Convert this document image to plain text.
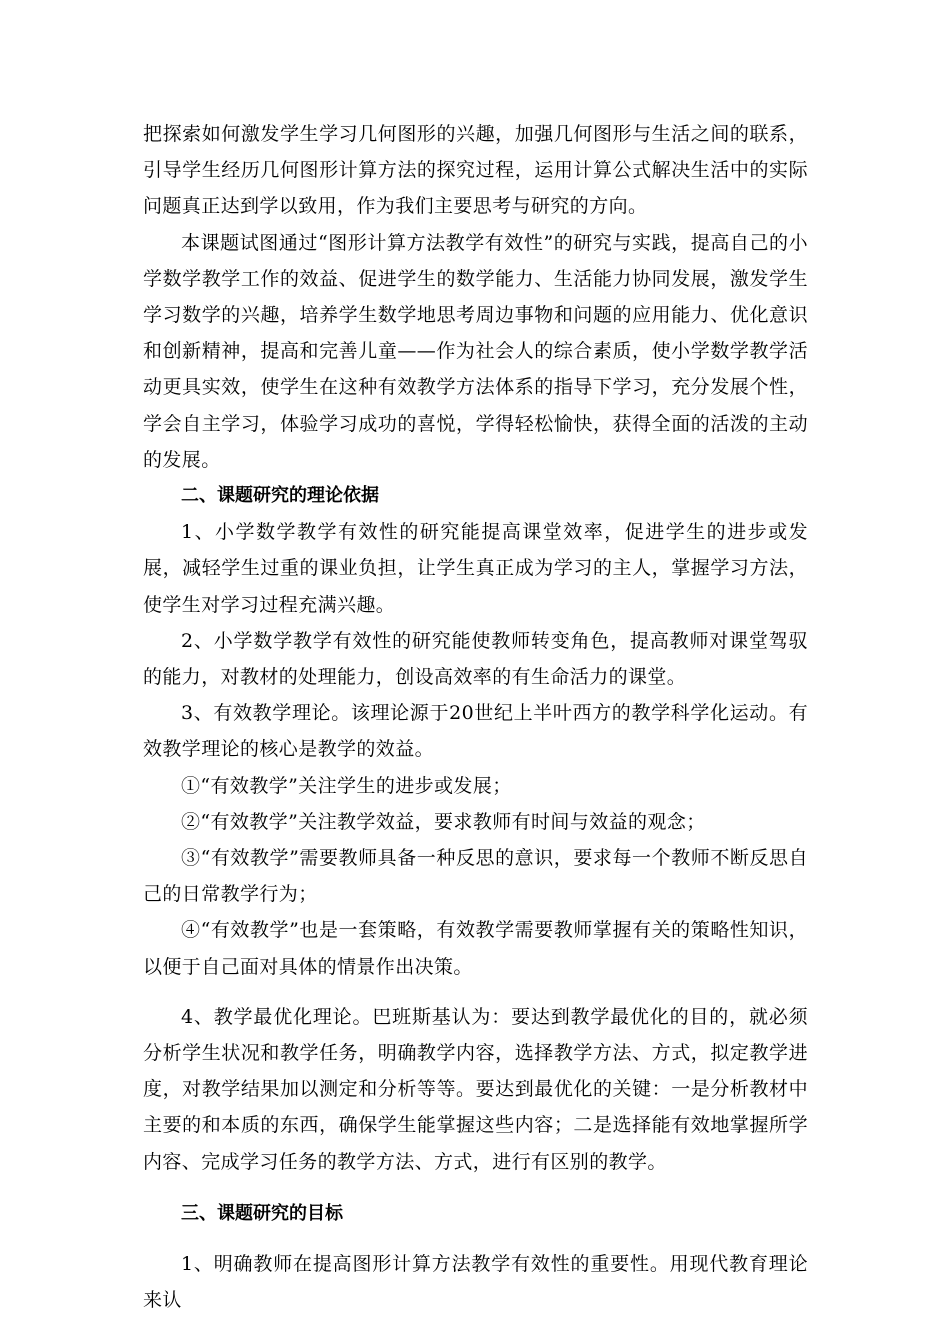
把探索如何激发学生学习几何图形的兴趣，加强几何图形与生活之间的联系，引导学生经历几何图形计算方法的探究过程，运用计算公式解决生活中的实际问题真正达到学以致用，作为我们主要思考与研究的方向。

本课题试图通过“图形计算方法教学有效性”的研究与实践，提高自己的小学数学教学工作的效益、促进学生的数学能力、生活能力协同发展，激发学生学习数学的兴趣，培养学生数学地思考周边事物和问题的应用能力、优化意识和创新精神，提高和完善儿童——作为社会人的综合素质，使小学数学教学活动更具实效，使学生在这种有效教学方法体系的指导下学习，充分发展个性，学会自主学习，体验学习成功的喜悦，学得轻松愉快，获得全面的活泼的主动的发展。

二、课题研究的理论依据

1、小学数学教学有效性的研究能提高课堂效率，促进学生的进步或发展，减轻学生过重的课业负担，让学生真正成为学习的主人，掌握学习方法，使学生对学习过程充满兴趣。

2、小学数学教学有效性的研究能使教师转变角色，提高教师对课堂驾驭的能力，对教材的处理能力，创设高效率的有生命活力的课堂。

3、有效教学理论。该理论源于20世纪上半叶西方的教学科学化运动。有效教学理论的核心是教学的效益。

①“有效教学”关注学生的进步或发展；

②“有效教学”关注教学效益，要求教师有时间与效益的观念；

③“有效教学”需要教师具备一种反思的意识，要求每一个教师不断反思自己的日常教学行为；

④“有效教学”也是一套策略，有效教学需要教师掌握有关的策略性知识，以便于自己面对具体的情景作出决策。

4、教学最优化理论。巴班斯基认为：要达到教学最优化的目的，就必须分析学生状况和教学任务，明确教学内容，选择教学方法、方式，拟定教学进度，对教学结果加以测定和分析等等。要达到最优化的关键：一是分析教材中主要的和本质的东西，确保学生能掌握这些内容；二是选择能有效地掌握所学内容、完成学习任务的教学方法、方式，进行有区别的教学。

三、课题研究的目标

1、明确教师在提高图形计算方法教学有效性的重要性。用现代教育理论来认
